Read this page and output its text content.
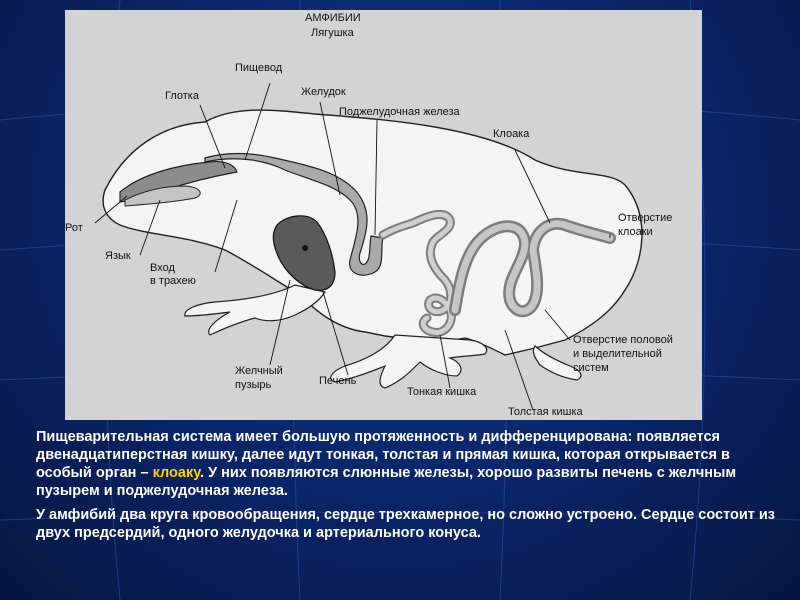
АМФИБИИ
Лягушка
Глотка
Пищевод
Желудок
Поджелудочная железа
Клоака
Рот
Язык
Вход
в трахею
Отверстие
клоаки
Отверстие половой
и выделительной
систем
Желчный
пузырь	Печень
Тонкая кишка
Толстая кишка

Пищеварительная система имеет большую протяженность и дифференцирована: появляется двенадцатиперстная кишку, далее идут тонкая, толстая и прямая кишка, которая открывается в особый орган – клоаку. У них появляются слюнные железы, хорошо развиты печень с желчным пузырем и поджелудочная железа.

У амфибий два круга кровообращения, сердце трехкамерное, но сложно устроено. Сердце состоит из двух предсердий, одного желудочка и артериального конуса.
